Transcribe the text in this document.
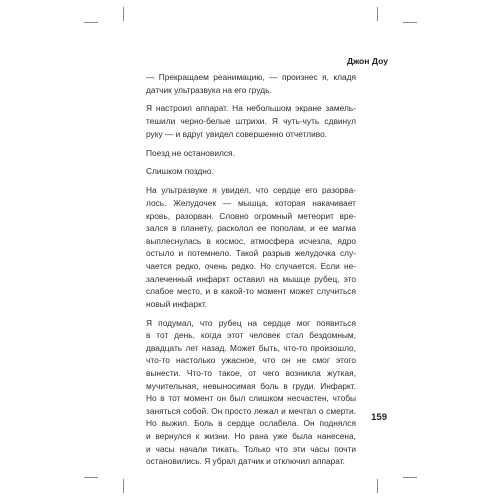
Джон Доу

— Прекращаем реанимацию, — произнес я, кладя
датчик ультразвука на его грудь.

Я настроил аппарат. На небольшом экране замель-
тешили черно-белые штрихи. Я чуть-чуть сдвинул
руку — и вдруг увидел совершенно отчетливо.

Поезд не остановился.

Слишком поздно.

На ультразвуке я увидел, что сердце его разорва-
лось. Желудочек — мышца, которая накачивает
кровь, разорван. Словно огромный метеорит вре-
зался в планету, расколол ее пополам, и ее магма
выплеснулась в космос, атмосфера исчезла, ядро
остыло и потемнело. Такой разрыв желудочка слу-
чается редко, очень редко. Но случается. Если не-
залеченный инфаркт оставил на мышце рубец, это
слабое место, и в какой-то момент может случиться
новый инфаркт.

Я подумал, что рубец на сердце мог появиться
в тот день, когда этот человек стал бездомным,
двадцать лет назад. Может быть, что-то произошло,
что-то настолько ужасное, что он не смог этого
вынести. Что-то такое, от чего возникла жуткая,
мучительная, невыносимая боль в груди. Инфаркт.
Но в тот момент он был слишком несчастен, чтобы
заняться собой. Он просто лежал и мечтал о смерти.
Но выжил. Боль в сердце ослабела. Он поднялся
и вернулся к жизни. Но рана уже была нанесена,
и часы начали тикать. Только что эти часы почти
остановились. Я убрал датчик и отключил аппарат.

159
